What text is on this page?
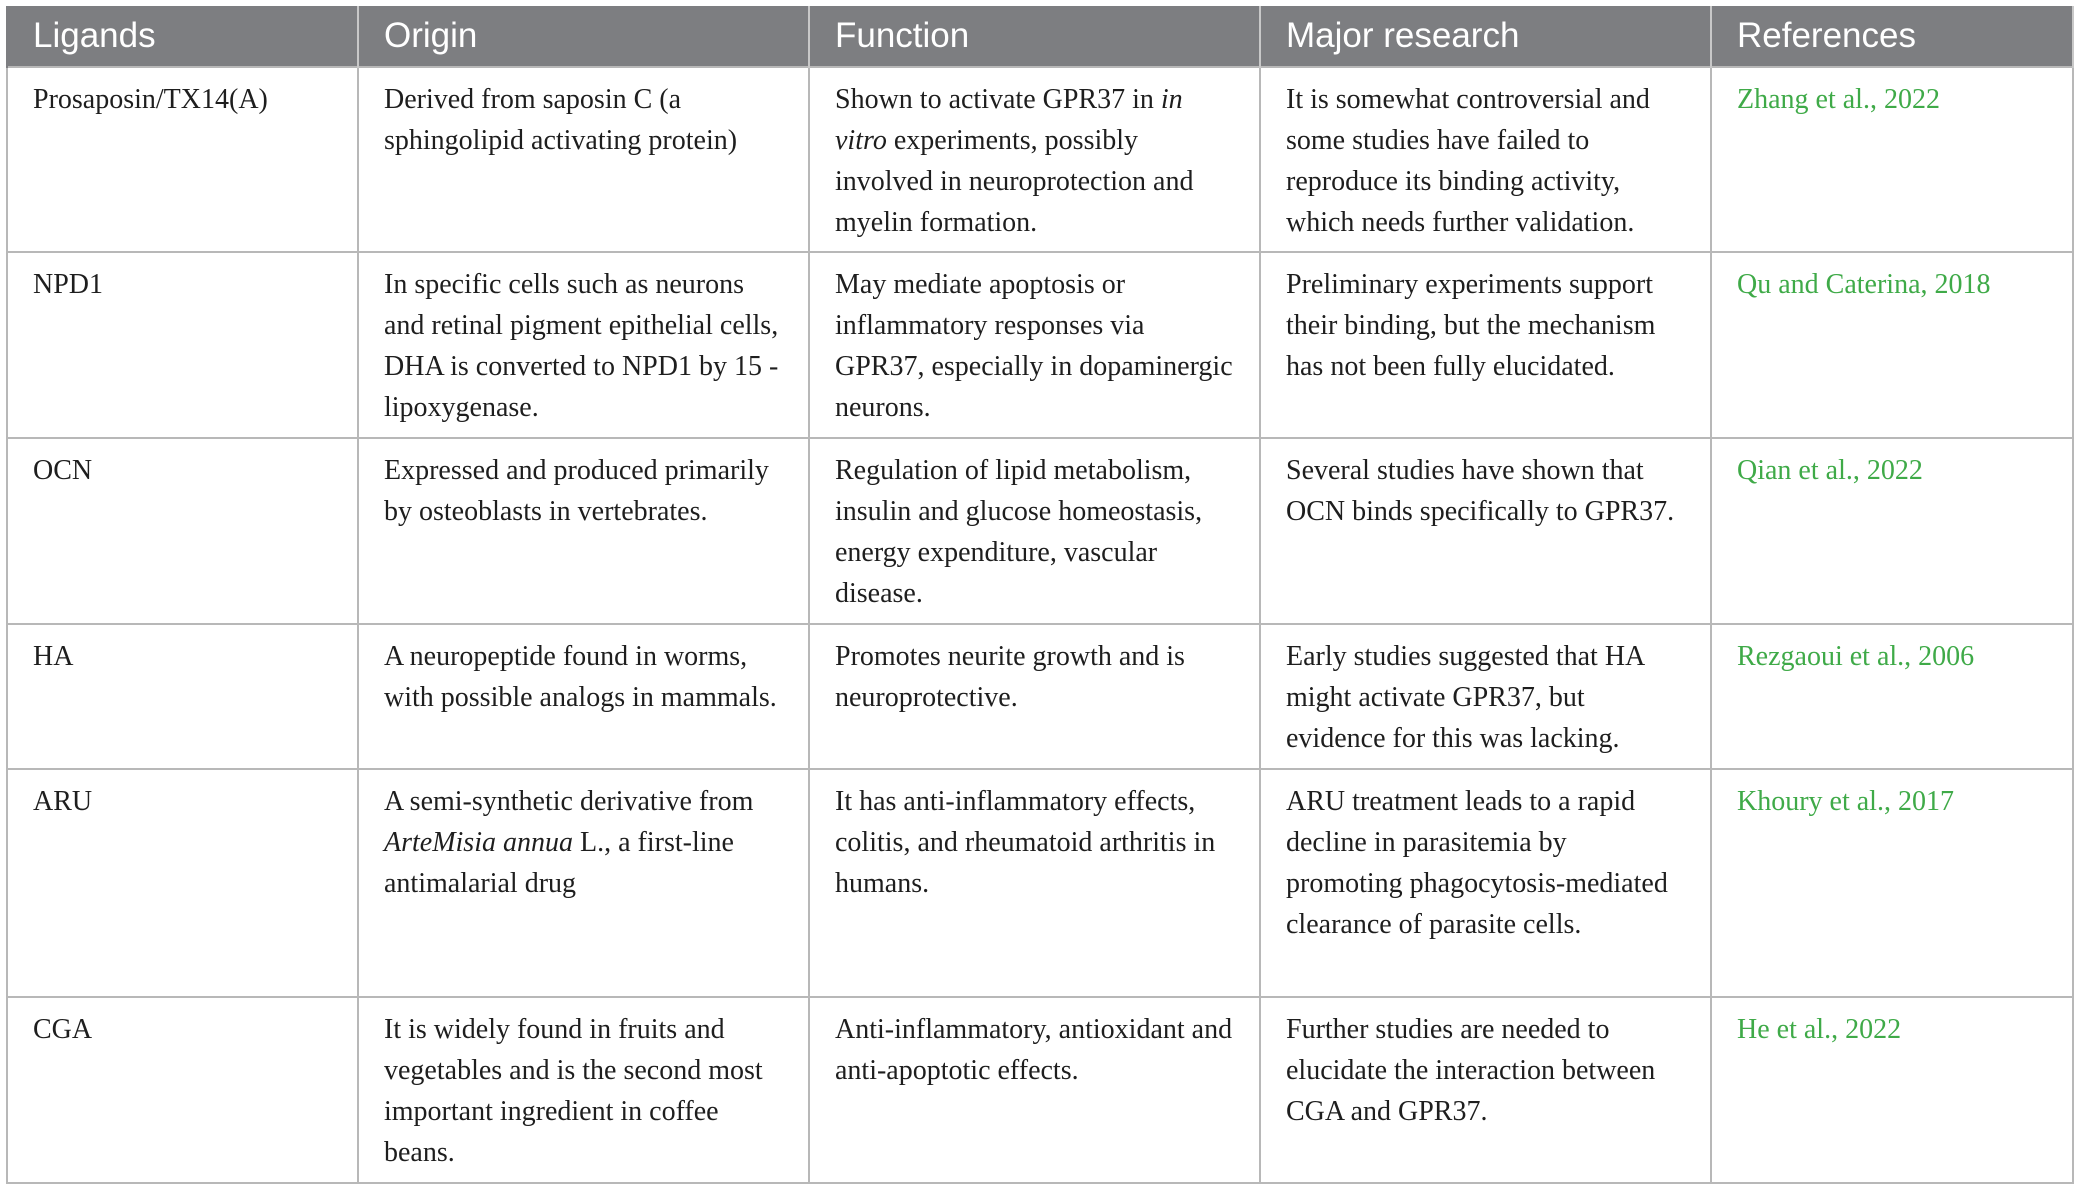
Ligands	Origin	Function	Major research	References
Prosaposin/TX14(A)	Derived from saposin C (a sphingolipid activating protein)	Shown to activate GPR37 in in vitro experiments, possibly involved in neuroprotection and myelin formation.	It is somewhat controversial and some studies have failed to reproduce its binding activity, which needs further validation.	Zhang et al., 2022
NPD1	In specific cells such as neurons and retinal pigment epithelial cells, DHA is converted to NPD1 by 15 - lipoxygenase.	May mediate apoptosis or inflammatory responses via GPR37, especially in dopaminergic neurons.	Preliminary experiments support their binding, but the mechanism has not been fully elucidated.	Qu and Caterina, 2018
OCN	Expressed and produced primarily by osteoblasts in vertebrates.	Regulation of lipid metabolism, insulin and glucose homeostasis, energy expenditure, vascular disease.	Several studies have shown that OCN binds specifically to GPR37.	Qian et al., 2022
HA	A neuropeptide found in worms, with possible analogs in mammals.	Promotes neurite growth and is neuroprotective.	Early studies suggested that HA might activate GPR37, but evidence for this was lacking.	Rezgaoui et al., 2006
ARU	A semi-synthetic derivative from ArteMisia annua L., a first-line antimalarial drug	It has anti-inflammatory effects, colitis, and rheumatoid arthritis in humans.	ARU treatment leads to a rapid decline in parasitemia by promoting phagocytosis-mediated clearance of parasite cells.	Khoury et al., 2017
CGA	It is widely found in fruits and vegetables and is the second most important ingredient in coffee beans.	Anti-inflammatory, antioxidant and anti-apoptotic effects.	Further studies are needed to elucidate the interaction between CGA and GPR37.	He et al., 2022
